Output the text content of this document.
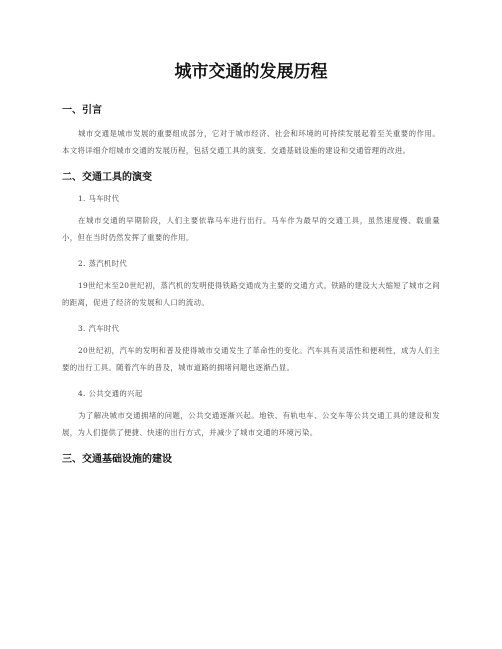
城市交通的发展历程
一、引言

城市交通是城市发展的重要组成部分，它对于城市经济、社会和环境的可持续发展起着至关重要的作用。本文将详细介绍城市交通的发展历程，包括交通工具的演变、交通基础设施的建设和交通管理的改进。

二、交通工具的演变
1. 马车时代

在城市交通的早期阶段，人们主要依靠马车进行出行。马车作为最早的交通工具，虽然速度慢、载重量小，但在当时仍然发挥了重要的作用。

2. 蒸汽机时代

19世纪末至20世纪初，蒸汽机的发明使得铁路交通成为主要的交通方式。铁路的建设大大缩短了城市之间的距离，促进了经济的发展和人口的流动。

3. 汽车时代

20世纪初，汽车的发明和普及使得城市交通发生了革命性的变化。汽车具有灵活性和便利性，成为人们主要的出行工具。随着汽车的普及，城市道路的拥堵问题也逐渐凸显。

4. 公共交通的兴起

为了解决城市交通拥堵的问题，公共交通逐渐兴起。地铁、有轨电车、公交车等公共交通工具的建设和发展，为人们提供了便捷、快速的出行方式，并减少了城市交通的环境污染。

三、交通基础设施的建设
